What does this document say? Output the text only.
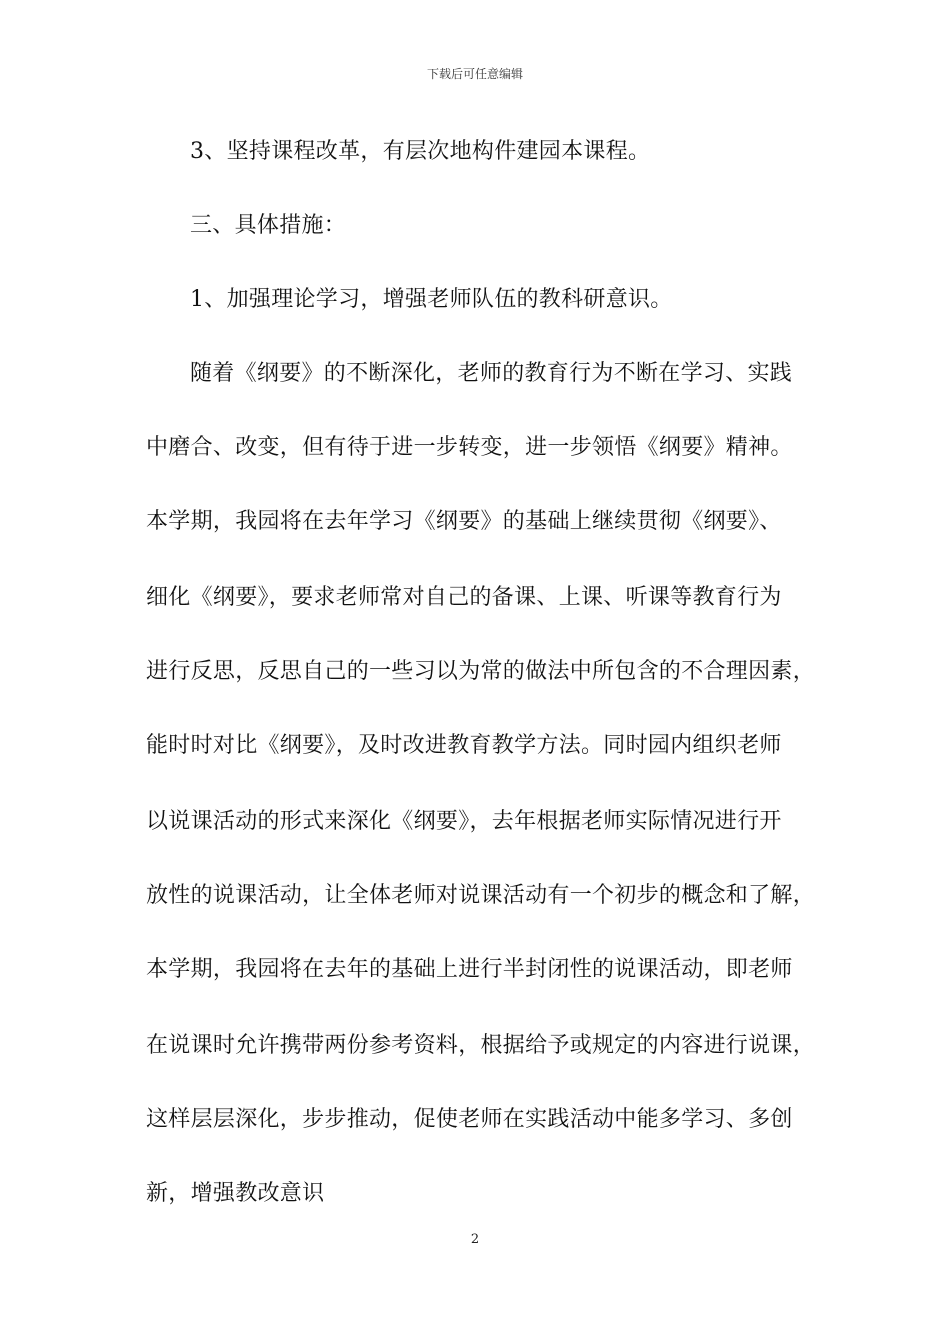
下载后可任意编辑
3、坚持课程改革，有层次地构件建园本课程。
三、具体措施：
1、加强理论学习，增强老师队伍的教科研意识。
随着《纲要》的不断深化，老师的教育行为不断在学习、实践
中磨合、改变，但有待于进一步转变，进一步领悟《纲要》精神。
本学期，我园将在去年学习《纲要》的基础上继续贯彻《纲要》、
细化《纲要》，要求老师常对自己的备课、上课、听课等教育行为
进行反思，反思自己的一些习以为常的做法中所包含的不合理因素，
能时时对比《纲要》，及时改进教育教学方法。同时园内组织老师
以说课活动的形式来深化《纲要》，去年根据老师实际情况进行开
放性的说课活动，让全体老师对说课活动有一个初步的概念和了解，
本学期，我园将在去年的基础上进行半封闭性的说课活动，即老师
在说课时允许携带两份参考资料，根据给予或规定的内容进行说课，
这样层层深化，步步推动，促使老师在实践活动中能多学习、多创
新，增强教改意识
2
